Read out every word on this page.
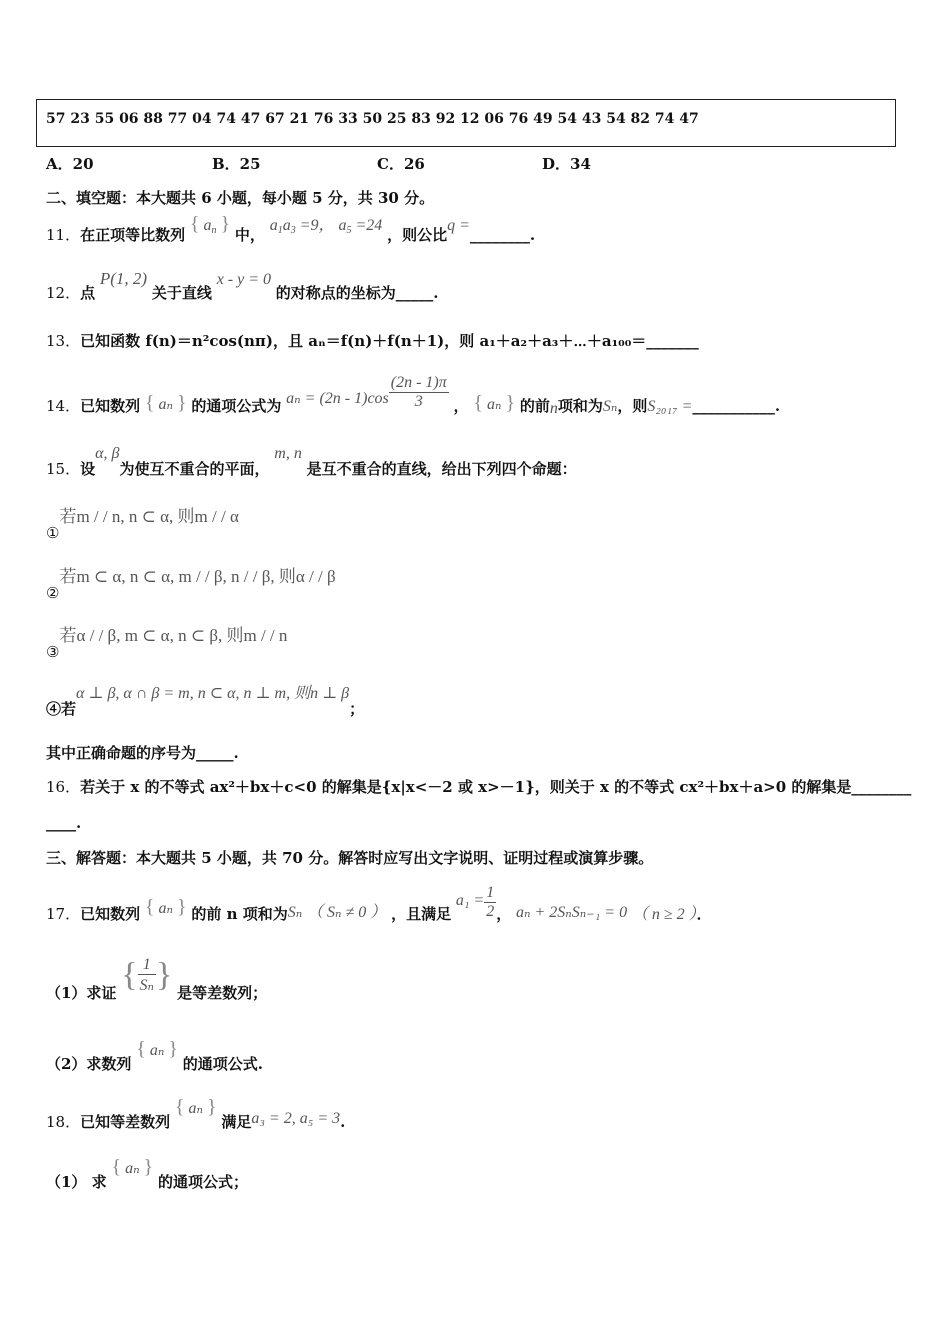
57 23 55 06 88 77 04 74 47 67 21 76 33 50 25 83 92 12 06 76 49 54 43 54 82 74 47
A．20	B．25	C．26	D．34
二、填空题：本大题共 6 小题，每小题 5 分，共 30 分。
11．在正项等比数列 { $a_n$ } 中， $a_1a_3 =9$， $a_5 =24$ ，则公比q =________.
12．点 P(1, 2) 关于直线 x - y = 0 的对称点的坐标为_____.
13．已知函数 f(n)＝n²cos(nπ)，且 aₙ＝f(n)＋f(n＋1)，则 a₁＋a₂＋a₃＋⋯＋a₁₀₀＝_______
14．已知数列 { aₙ } 的通项公式为 $a_n = (2n - 1)\cos \frac{(2n - 1)\pi}{3}$ ， { aₙ } 的前n项和为Sₙ，则S₂₀₁₇ =___________.
15．设α, β为使互不重合的平面， m, n 是互不重合的直线，给出下列四个命题：
①若m / / n, n ⊂ α, 则m / / α
②若m ⊂ α, n ⊂ α, m / / β, n / / β, 则α / / β
③若α / / β, m ⊂ α, n ⊂ β, 则m / / n
④若α ⊥ β, α ∩ β = m, n ⊂ α, n ⊥ m, 则n ⊥ β；
其中正确命题的序号为_____.
16．若关于 x 的不等式 ax²＋bx＋c<0 的解集是{x|x<－2 或 x>－1}，则关于 x 的不等式 cx²＋bx＋a>0 的解集是________
____.
三、解答题：本大题共 5 小题，共 70 分。解答时应写出文字说明、证明过程或演算步骤。
17．已知数列 { aₙ } 的前 n 项和为Sₙ （ Sₙ ≠ 0 ） ，且满足 $a_1 = \frac{1}{2}$ ， aₙ + 2SₙSₙ₋₁ = 0 （ n ≥ 2 ）．
（1）求证 { $\frac{1}{\text{Sₙ}}$ } 是等差数列；
（2）求数列 { aₙ } 的通项公式.
18．已知等差数列 { aₙ } 满足a₃ = 2, a₅ = 3.
（1） 求 { aₙ } 的通项公式；
